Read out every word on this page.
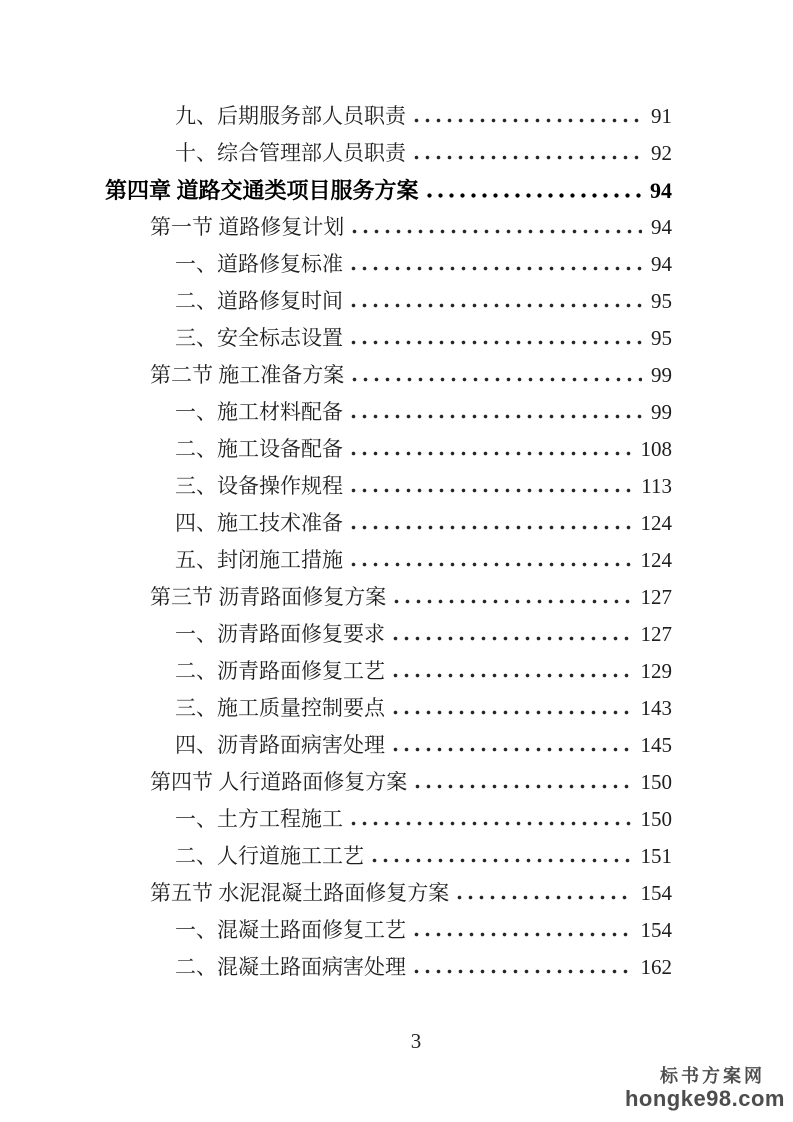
九、后期服务部人员职责	91
十、综合管理部人员职责	92
第四章 道路交通类项目服务方案	94
第一节 道路修复计划	94
一、道路修复标准	94
二、道路修复时间	95
三、安全标志设置	95
第二节 施工准备方案	99
一、施工材料配备	99
二、施工设备配备	108
三、设备操作规程	113
四、施工技术准备	124
五、封闭施工措施	124
第三节 沥青路面修复方案	127
一、沥青路面修复要求	127
二、沥青路面修复工艺	129
三、施工质量控制要点	143
四、沥青路面病害处理	145
第四节 人行道路面修复方案	150
一、土方工程施工	150
二、人行道施工工艺	151
第五节 水泥混凝土路面修复方案	154
一、混凝土路面修复工艺	154
二、混凝土路面病害处理	162
3
标书方案网
hongke98.com
